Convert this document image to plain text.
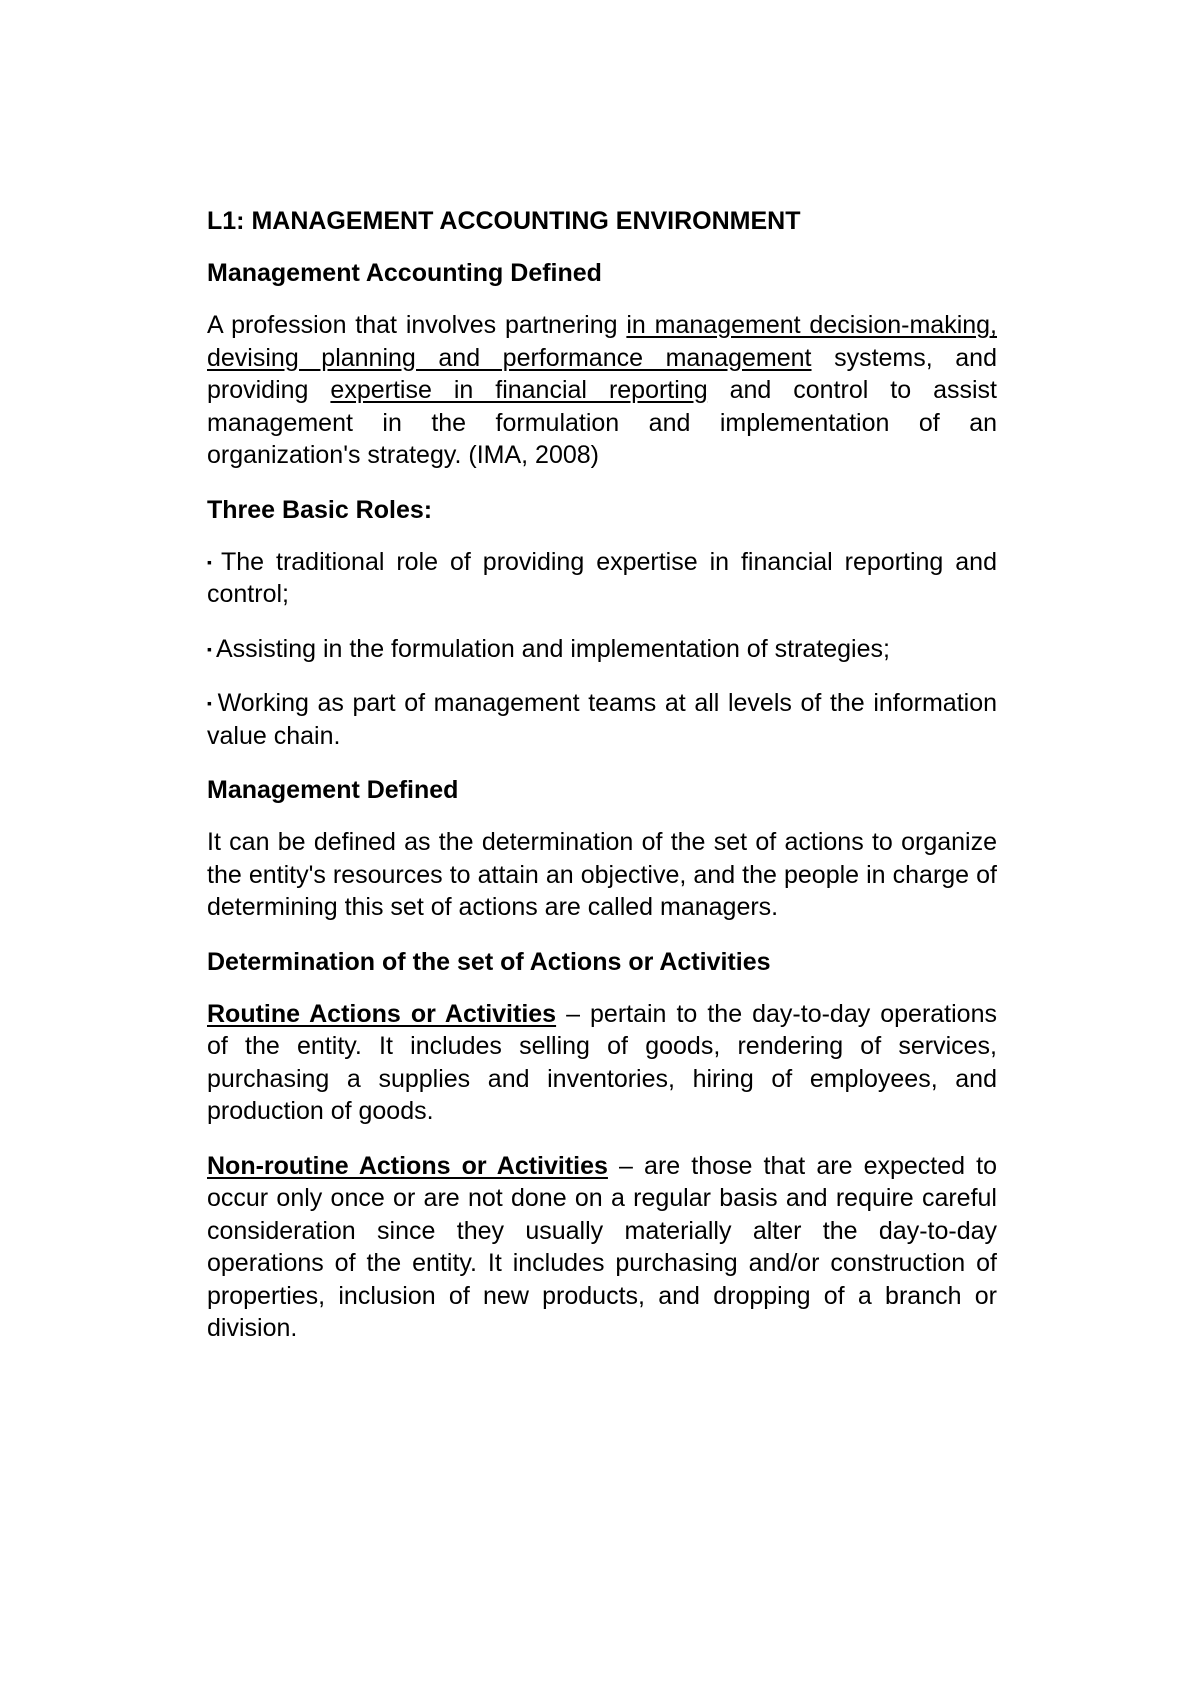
L1: MANAGEMENT ACCOUNTING ENVIRONMENT
Management Accounting Defined

A profession that involves partnering in management decision-making, devising planning and performance management systems, and providing expertise in financial reporting and control to assist management in the formulation and implementation of an organization's strategy. (IMA, 2008)

Three Basic Roles:

▪ The traditional role of providing expertise in financial reporting and control;

▪ Assisting in the formulation and implementation of strategies;

▪ Working as part of management teams at all levels of the information value chain.

Management Defined

It can be defined as the determination of the set of actions to organize the entity's resources to attain an objective, and the people in charge of determining this set of actions are called managers.

Determination of the set of Actions or Activities

Routine Actions or Activities – pertain to the day-to-day operations of the entity. It includes selling of goods, rendering of services, purchasing a supplies and inventories, hiring of employees, and production of goods.

Non-routine Actions or Activities – are those that are expected to occur only once or are not done on a regular basis and require careful consideration since they usually materially alter the day-to-day operations of the entity. It includes purchasing and/or construction of properties, inclusion of new products, and dropping of a branch or division.
